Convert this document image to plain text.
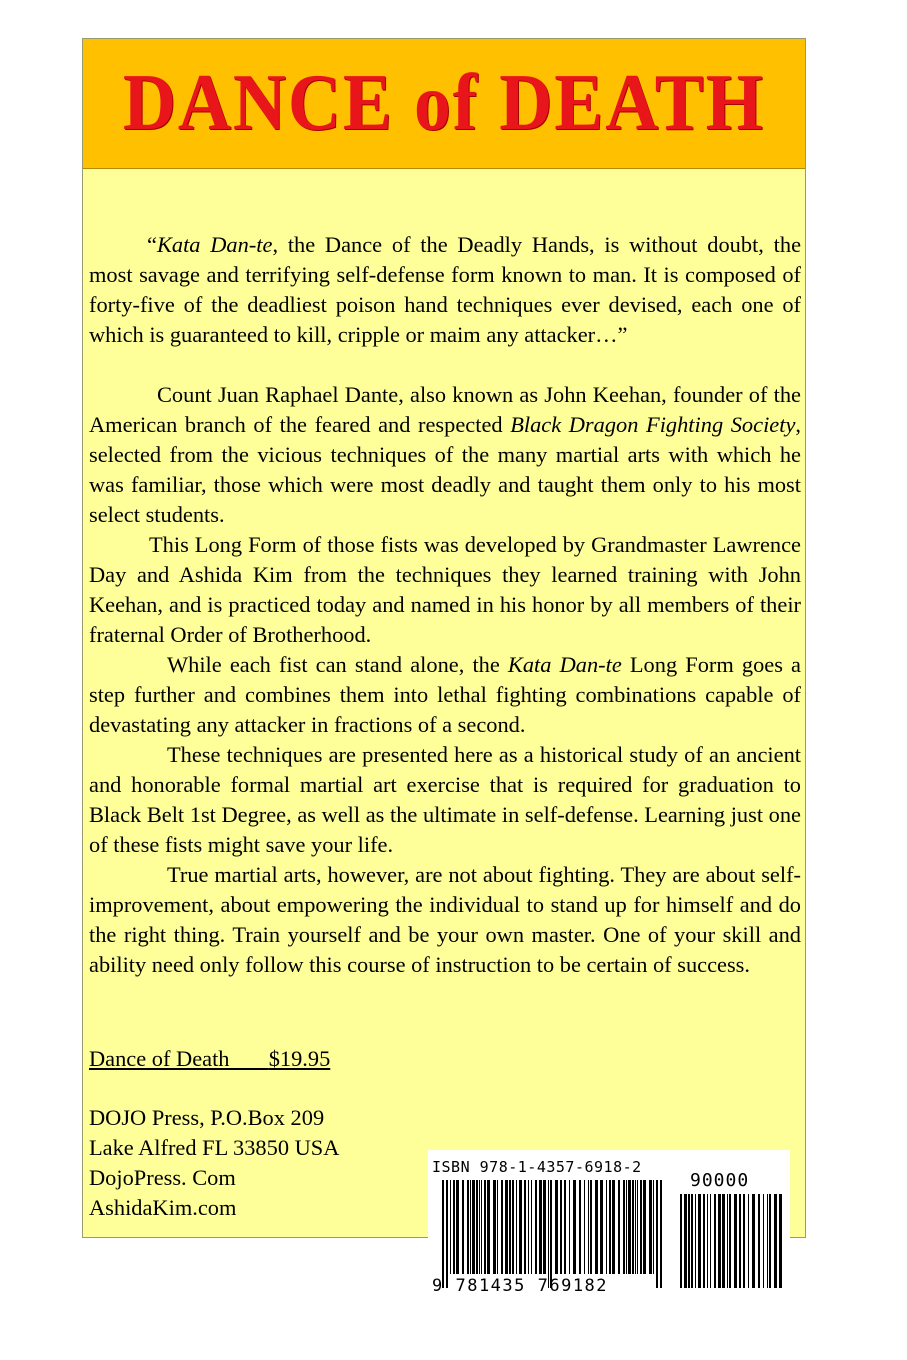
DANCE of DEATH

“Kata Dan-te, the Dance of the Deadly Hands, is without doubt, the most savage and terrifying self-defense form known to man. It is composed of forty-five of the deadliest poison hand techniques ever devised, each one of which is guaranteed to kill, cripple or maim any attacker…”

Count Juan Raphael Dante, also known as John Keehan, founder of the American branch of the feared and respected Black Dragon Fighting Society, selected from the vicious techniques of the many martial arts with which he was familiar, those which were most deadly and taught them only to his most select students.

This Long Form of those fists was developed by Grandmaster Lawrence Day and Ashida Kim from the techniques they learned training with John Keehan, and is practiced today and named in his honor by all members of their fraternal Order of Brotherhood.

While each fist can stand alone, the Kata Dan-te Long Form goes a step further and combines them into lethal fighting combinations capable of devastating any attacker in fractions of a second.

These techniques are presented here as a historical study of an ancient and honorable formal martial art exercise that is required for graduation to Black Belt 1st Degree, as well as the ultimate in self-defense. Learning just one of these fists might save your life.

True martial arts, however, are not about fighting. They are about self-improvement, about empowering the individual to stand up for himself and do the right thing. Train yourself and be your own master. One of your skill and ability need only follow this course of instruction to be certain of success.

Dance of Death $19.95
DOJO Press, P.O.Box 209
Lake Alfred FL 33850 USA
DojoPress. Com
AshidaKim.com
ISBN 978-1-4357-6918-2
90000
9 781435 769182
